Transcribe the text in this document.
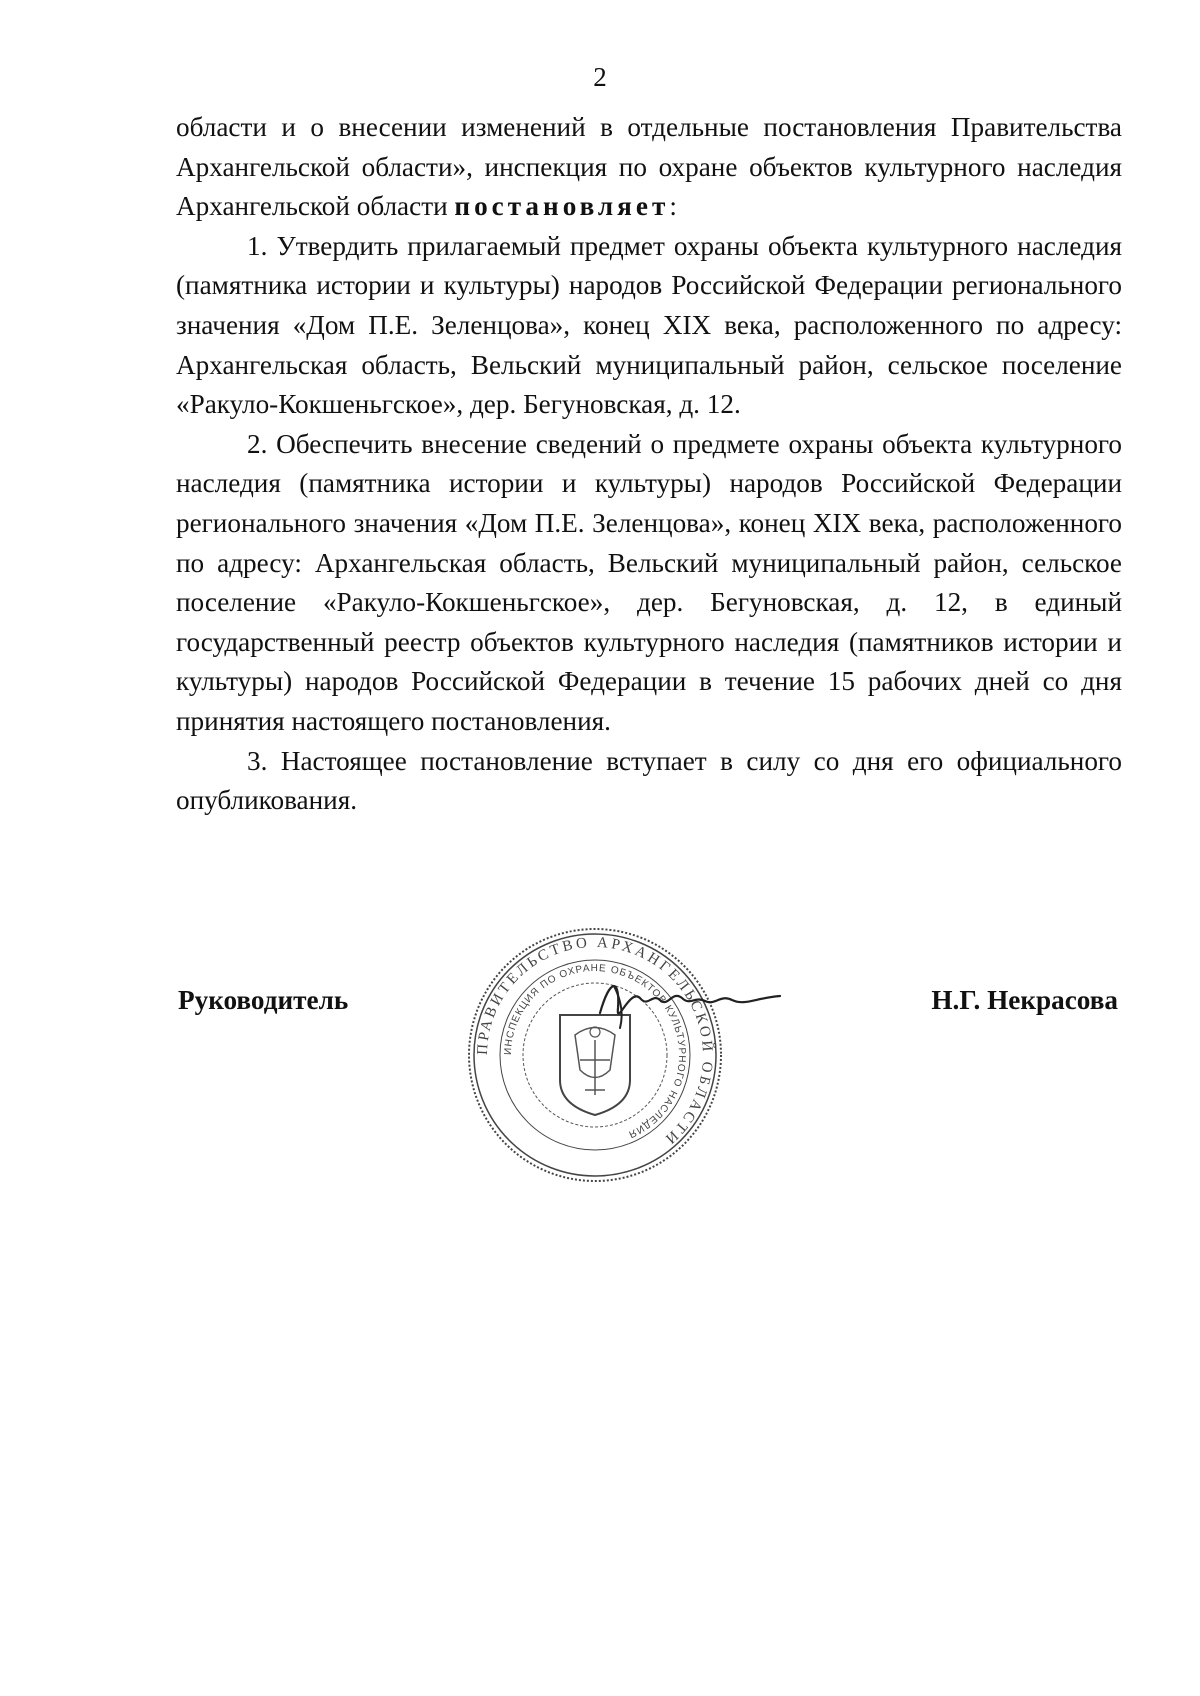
2

области и о внесении изменений в отдельные постановления Правительства Архангельской области», инспекция по охране объектов культурного наследия Архангельской области постановляет:

1. Утвердить прилагаемый предмет охраны объекта культурного наследия (памятника истории и культуры) народов Российской Федерации регионального значения «Дом П.Е. Зеленцова», конец XIX века, расположенного по адресу: Архангельская область, Вельский муниципальный район, сельское поселение «Ракуло-Кокшеньгское», дер. Бегуновская, д. 12.

2. Обеспечить внесение сведений о предмете охраны объекта культурного наследия (памятника истории и культуры) народов Российской Федерации регионального значения «Дом П.Е. Зеленцова», конец XIX века, расположенного по адресу: Архангельская область, Вельский муниципальный район, сельское поселение «Ракуло-Кокшеньгское», дер. Бегуновская, д. 12, в единый государственный реестр объектов культурного наследия (памятников истории и культуры) народов Российской Федерации в течение 15 рабочих дней со дня принятия настоящего постановления.

3. Настоящее постановление вступает в силу со дня его официального опубликования.

Руководитель	Н.Г. Некрасова
ПРАВИТЕЛЬСТВО АРХАНГЕЛЬСКОЙ ОБЛАСТИ
ИНСПЕКЦИЯ ПО ОХРАНЕ ОБЪЕКТОВ КУЛЬТУРНОГО НАСЛЕДИЯ
